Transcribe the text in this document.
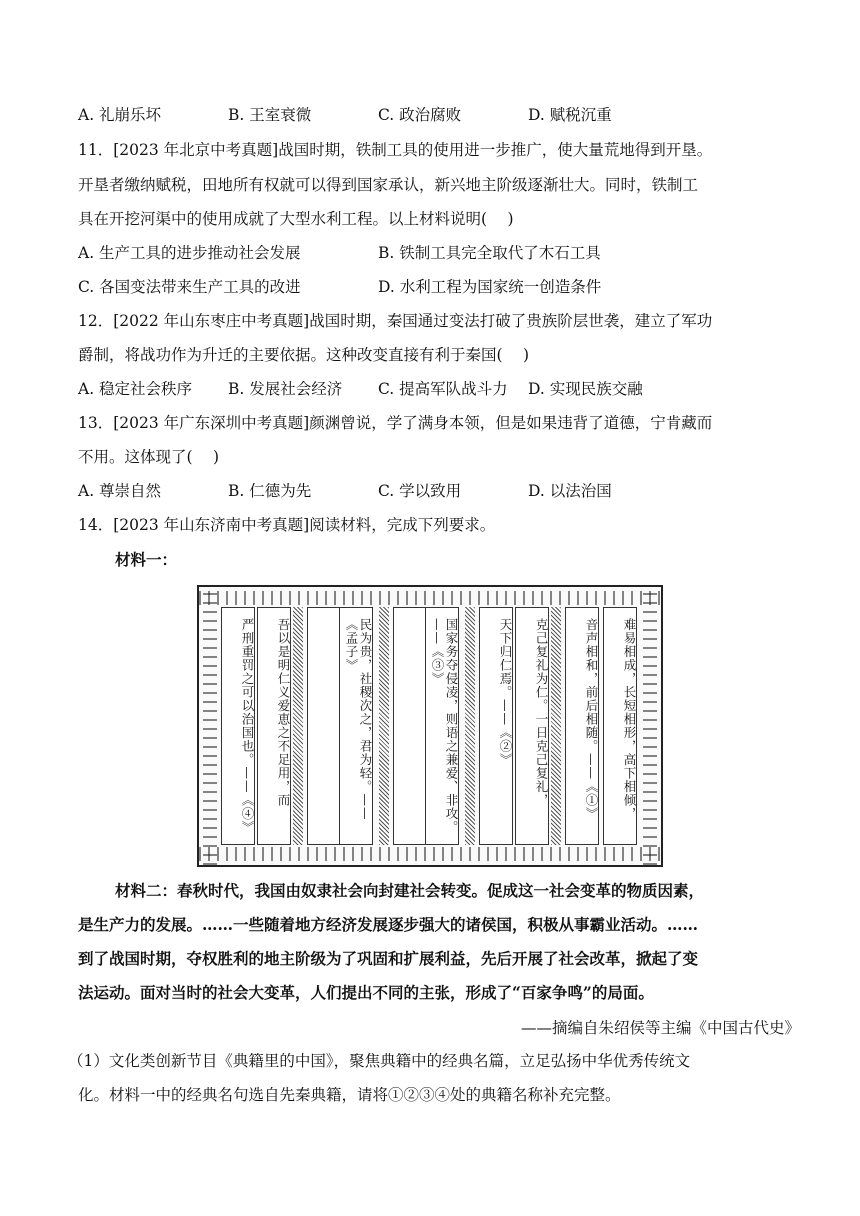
A. 礼崩乐坏	B. 王室衰微	C. 政治腐败	D. 赋税沉重
11．[2023 年北京中考真题]战国时期，铁制工具的使用进一步推广，使大量荒地得到开垦。
开垦者缴纳赋税，田地所有权就可以得到国家承认，新兴地主阶级逐渐壮大。同时，铁制工
具在开挖河渠中的使用成就了大型水利工程。以上材料说明(　 )
A. 生产工具的进步推动社会发展	B. 铁制工具完全取代了木石工具
C. 各国变法带来生产工具的改进	D. 水利工程为国家统一创造条件
12．[2022 年山东枣庄中考真题]战国时期，秦国通过变法打破了贵族阶层世袭，建立了军功
爵制，将战功作为升迁的主要依据。这种改变直接有利于秦国(　 )
A. 稳定社会秩序 B. 发展社会经济 C. 提高军队战斗力 D. 实现民族交融
13．[2023 年广东深圳中考真题]颜渊曾说，学了满身本领，但是如果违背了道德，宁肯藏而
不用。这体现了(　 )
A. 尊崇自然	B. 仁德为先	C. 学以致用	D. 以法治国
14．[2023 年山东济南中考真题]阅读材料，完成下列要求。
材料一：
严刑重罚之可以治国也。——《④》	吾以是明仁义爱恵之不足用，而	民为贵，社稷次之，君为轻。——《孟子》	国家务夺侵凌，则语之兼爱、非攻。——《③》	天下归仁焉。——《②》	克己复礼为仁。一日克己复礼，	音声相和，前后相随。——《①》	难易相成，长短相形，高下相倾，
材料二：春秋时代，我国由奴隶社会向封建社会转变。促成这一社会变革的物质因素，
是生产力的发展。……一些随着地方经济发展逐步强大的诸侯国，积极从事霸业活动。……
到了战国时期，夺权胜利的地主阶级为了巩固和扩展利益，先后开展了社会改革，掀起了变
法运动。面对当时的社会大变革，人们提出不同的主张，形成了“百家争鸣”的局面。
——摘编自朱绍侯等主编《中国古代史》
（1）文化类创新节目《典籍里的中国》，聚焦典籍中的经典名篇，立足弘扬中华优秀传统文
化。材料一中的经典名句选自先秦典籍，请将①②③④处的典籍名称补充完整。
